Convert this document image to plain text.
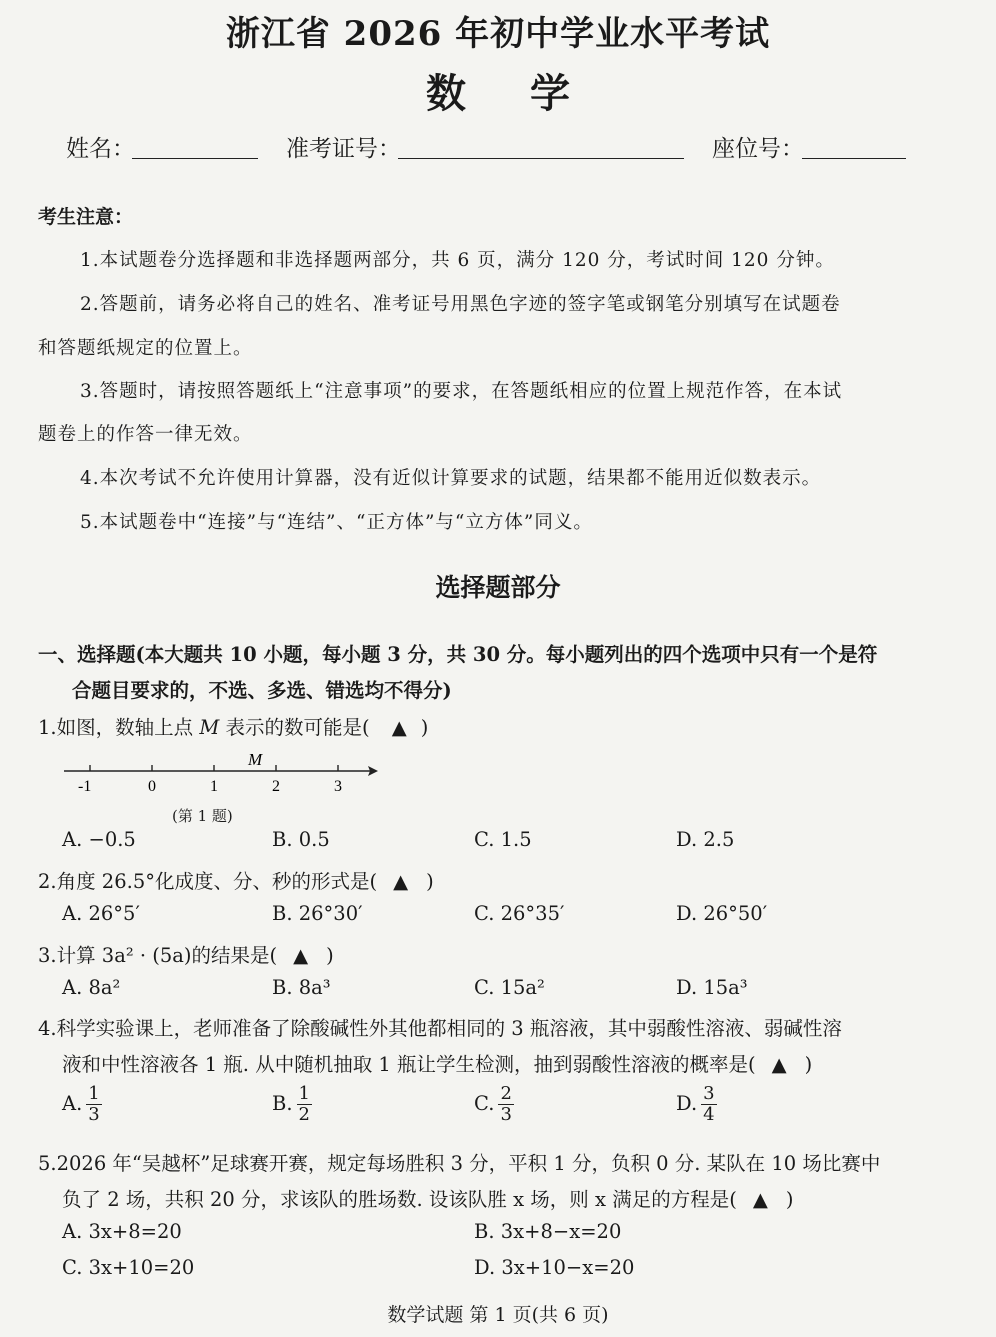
浙江省 2026 年初中学业水平考试
数学
姓名：	准考证号：	座位号：
考生注意：
1.本试题卷分选择题和非选择题两部分，共 6 页，满分 120 分，考试时间 120 分钟。
2.答题前，请务必将自己的姓名、准考证号用黑色字迹的签字笔或钢笔分别填写在试题卷
和答题纸规定的位置上。
3.答题时，请按照答题纸上“注意事项”的要求，在答题纸相应的位置上规范作答，在本试
题卷上的作答一律无效。
4.本次考试不允许使用计算器，没有近似计算要求的试题，结果都不能用近似数表示。
5.本试题卷中“连接”与“连结”、“正方体”与“立方体”同义。
选择题部分
一、选择题(本大题共 10 小题，每小题 3 分，共 30 分。每小题列出的四个选项中只有一个是符
合题目要求的，不选、多选、错选均不得分)
1.如图，数轴上点 M 表示的数可能是( ▲ )
M
-1	0	1	2	3
(第 1 题)
A. −0.5	B. 0.5	C. 1.5	D. 2.5
2.角度 26.5°化成度、分、秒的形式是( ▲ )
A. 26°5′	B. 26°30′	C. 26°35′	D. 26°50′
3.计算 3a² · (5a)的结果是( ▲ )
A. 8a²	B. 8a³	C. 15a²	D. 15a³
4.科学实验课上，老师准备了除酸碱性外其他都相同的 3 瓶溶液，其中弱酸性溶液、弱碱性溶
液和中性溶液各 1 瓶. 从中随机抽取 1 瓶让学生检测，抽到弱酸性溶液的概率是( ▲ )
A. $\frac{1}{3}$	B. $\frac{1}{2}$	C. $\frac{2}{3}$	D. $\frac{3}{4}$
5.2026 年“吴越杯”足球赛开赛，规定每场胜积 3 分，平积 1 分，负积 0 分. 某队在 10 场比赛中
负了 2 场，共积 20 分，求该队的胜场数. 设该队胜 x 场，则 x 满足的方程是( ▲ )
A. 3x+8=20	B. 3x+8−x=20
C. 3x+10=20	D. 3x+10−x=20
数学试题 第 1 页(共 6 页)
